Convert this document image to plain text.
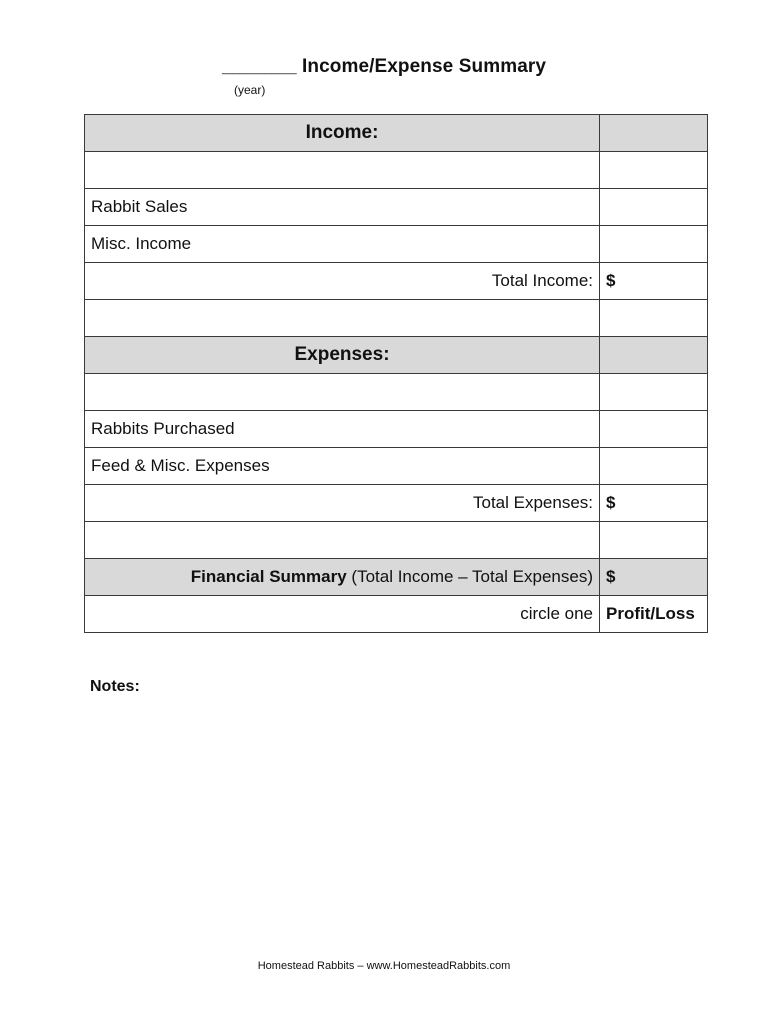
_______ Income/Expense Summary
(year)
Income:	

Rabbit Sales	
Misc. Income	
Total Income:	$

Expenses:	

Rabbits Purchased	
Feed & Misc. Expenses	
Total Expenses:	$

Financial Summary (Total Income – Total Expenses)	$
circle one	Profit/Loss
Notes:
Homestead Rabbits – www.HomesteadRabbits.com
